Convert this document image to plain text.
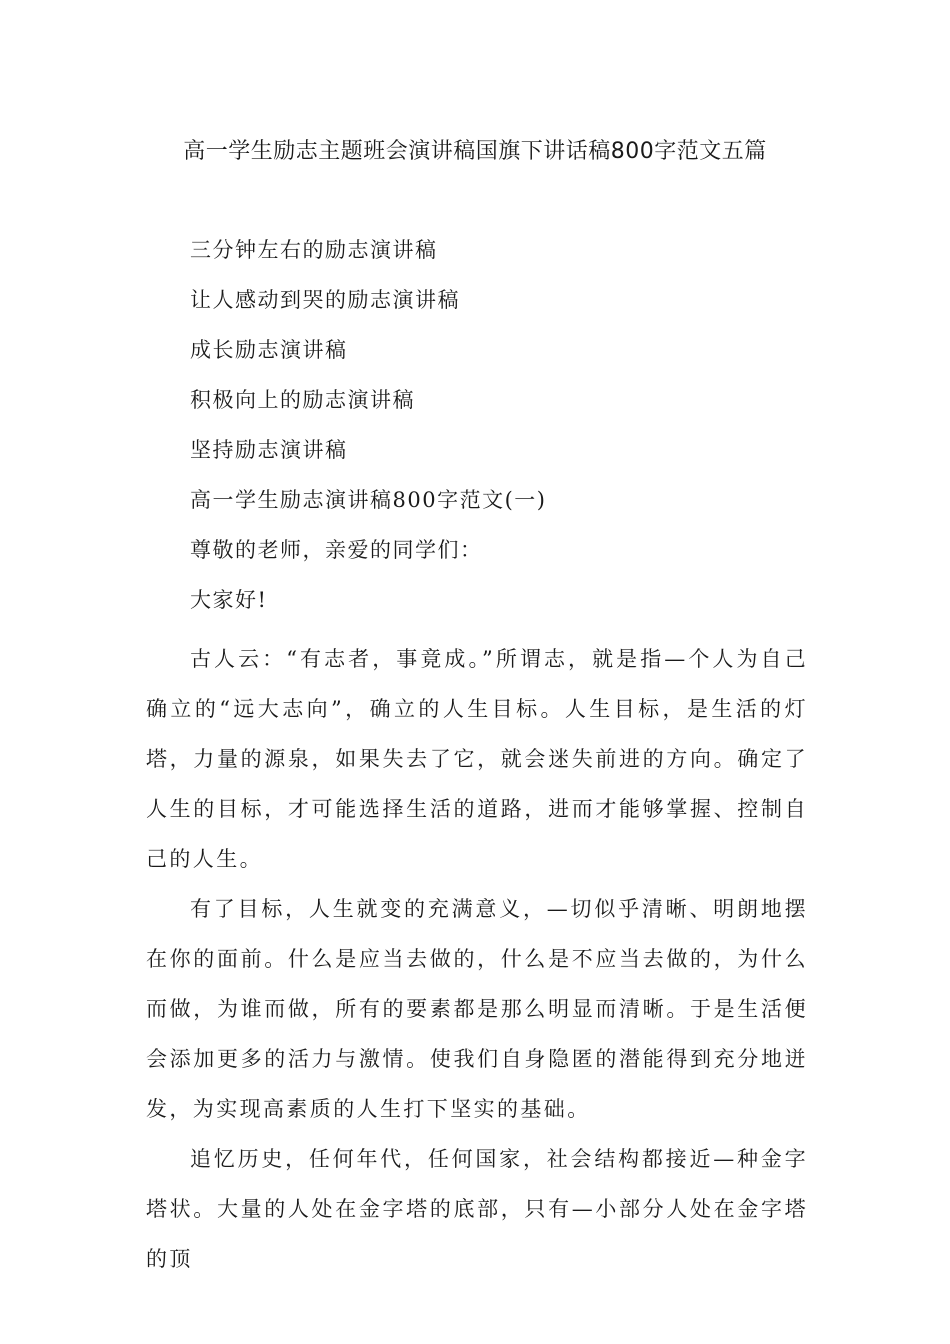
高一学生励志主题班会演讲稿国旗下讲话稿800字范文五篇
三分钟左右的励志演讲稿
让人感动到哭的励志演讲稿
成长励志演讲稿
积极向上的励志演讲稿
坚持励志演讲稿
高一学生励志演讲稿800字范文(一)
尊敬的老师，亲爱的同学们：
大家好!

古人云：“有志者，事竟成。”所谓志，就是指—个人为自己确立的“远大志向”，确立的人生目标。人生目标，是生活的灯塔，力量的源泉，如果失去了它，就会迷失前进的方向。确定了人生的目标，才可能选择生活的道路，进而才能够掌握、控制自己的人生。

有了目标，人生就变的充满意义，—切似乎清晰、明朗地摆在你的面前。什么是应当去做的，什么是不应当去做的，为什么而做，为谁而做，所有的要素都是那么明显而清晰。于是生活便会添加更多的活力与激情。使我们自身隐匿的潜能得到充分地迸发，为实现高素质的人生打下坚实的基础。

追忆历史，任何年代，任何国家，社会结构都接近—种金字塔状。大量的人处在金字塔的底部，只有—小部分人处在金字塔的顶
